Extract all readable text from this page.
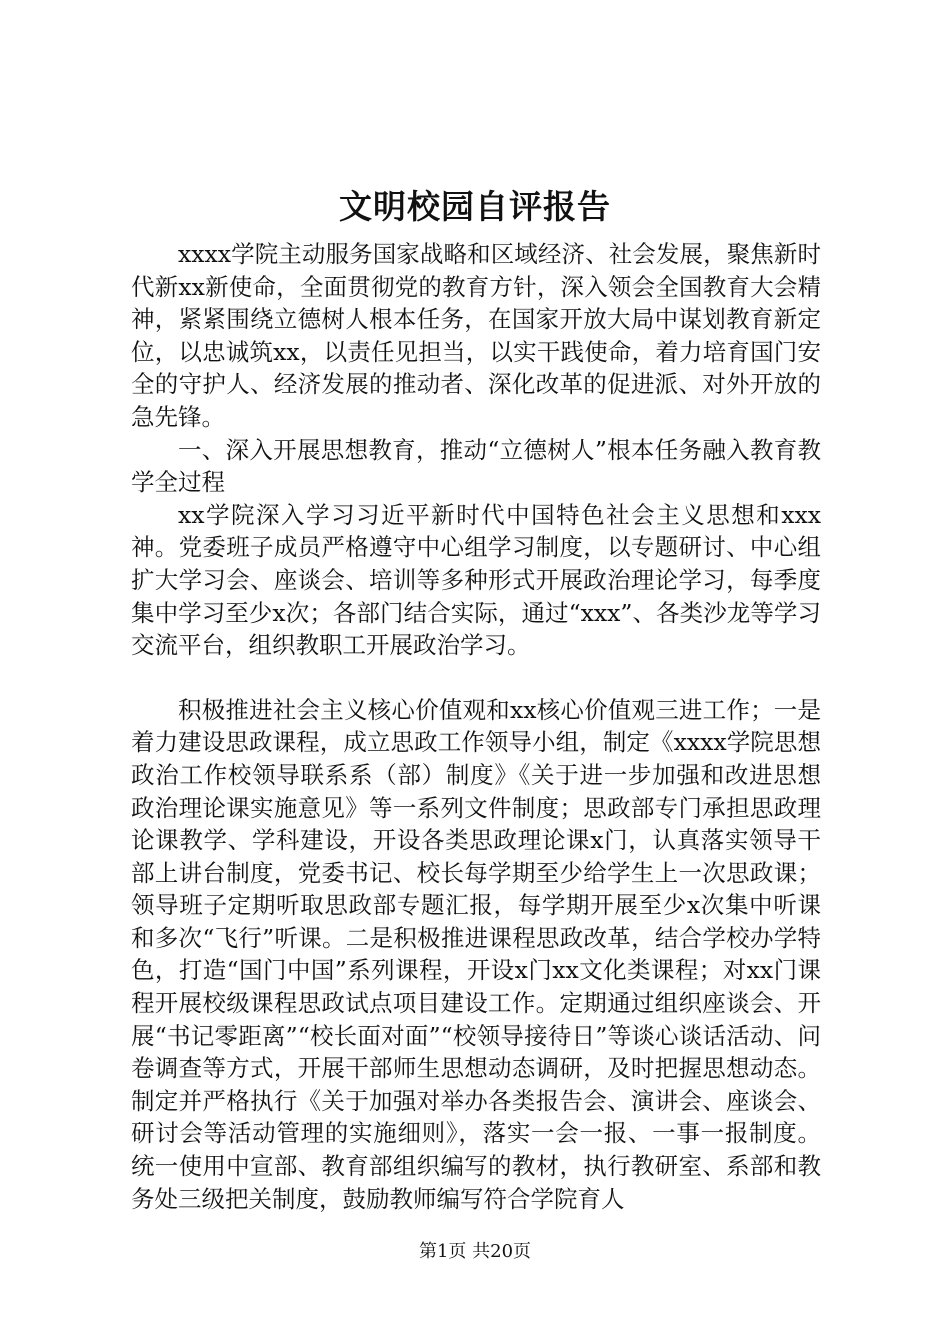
文明校园自评报告

xxxx学院主动服务国家战略和区域经济、社会发展，聚焦新时代新xx新使命，全面贯彻党的教育方针，深入领会全国教育大会精神，紧紧围绕立德树人根本任务，在国家开放大局中谋划教育新定位，以忠诚筑xx，以责任见担当，以实干践使命，着力培育国门安全的守护人、经济发展的推动者、深化改革的促进派、对外开放的急先锋。

一、深入开展思想教育，推动“立德树人”根本任务融入教育教学全过程

xx学院深入学习习近平新时代中国特色社会主义思想和xxx神。党委班子成员严格遵守中心组学习制度，以专题研讨、中心组扩大学习会、座谈会、培训等多种形式开展政治理论学习，每季度集中学习至少x次；各部门结合实际，通过“xxx”、各类沙龙等学习交流平台，组织教职工开展政治学习。

积极推进社会主义核心价值观和xx核心价值观三进工作；一是着力建设思政课程，成立思政工作领导小组，制定《xxxx学院思想政治工作校领导联系系（部）制度》《关于进一步加强和改进思想政治理论课实施意见》等一系列文件制度；思政部专门承担思政理论课教学、学科建设，开设各类思政理论课x门，认真落实领导干部上讲台制度，党委书记、校长每学期至少给学生上一次思政课；领导班子定期听取思政部专题汇报，每学期开展至少x次集中听课和多次“飞行”听课。二是积极推进课程思政改革，结合学校办学特色，打造“国门中国”系列课程，开设x门xx文化类课程；对xx门课程开展校级课程思政试点项目建设工作。定期通过组织座谈会、开展“书记零距离”“校长面对面”“校领导接待日”等谈心谈话活动、问卷调查等方式，开展干部师生思想动态调研，及时把握思想动态。制定并严格执行《关于加强对举办各类报告会、演讲会、座谈会、研讨会等活动管理的实施细则》，落实一会一报、一事一报制度。统一使用中宣部、教育部组织编写的教材，执行教研室、系部和教务处三级把关制度，鼓励教师编写符合学院育人

第1页 共20页
